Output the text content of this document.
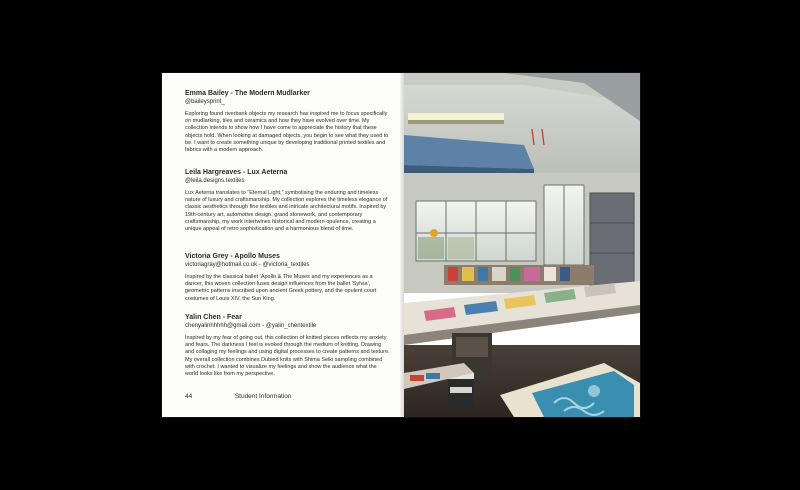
Emma Bailey - The Modern Mudlarker
@baileysprint_
Exploring found riverbank objects my research has inspired me to focus specifically on mudlarking, tiles and ceramics and how they have evolved over time. My collection intends to show how I have come to appreciate the history that these objects hold. When looking at damaged objects, you begin to see what they used to be. I want to create something unique by developing traditional printed textiles and fabrics with a modern approach.
Leila Hargreaves - Lux Aeterna
@leila.designs.textiles
Lux Aeterna translates to “Eternal Light,” symbolising the enduring and timeless nature of luxury and craftsmanship. My collection explores the timeless elegance of classic aesthetics through fine textiles and intricate architectural motifs. Inspired by 19th-century art, automotive design, grand stonework, and contemporary craftsmanship, my work intertwines historical and modern opulence, creating a unique appeal of retro sophistication and a harmonious blend of time.
Victoria Grey - Apollo Muses
victoriagray@hotmail.co.uk - @victoria_textiles
Inspired by the classical ballet ‘Apollo & The Muses and my experiences as a dancer, this woven collection fuses design influences from the ballet ‘Sylvia’, geometric patterns inscribed upon ancient Greek pottery, and the opulent court costumes of Louis XIV, the Sun King.
Yalin Chen - Fear
chenyalinhhhhh@gmail.com - @yalin_chentextile
Inspired by my fear of going out, this collection of knitted pieces reflects my anxiety and fears. The darkness I feel is evoked through the medium of knitting. Drawing and collaging my feelings and using digital processes to create patterns and texture. My overall collection combines Dubied knits with Shima Seiki sampling combined with crochet. I wanted to visualize my feelings and show the audience what the world looks like from my perspective.
44	Student Information
